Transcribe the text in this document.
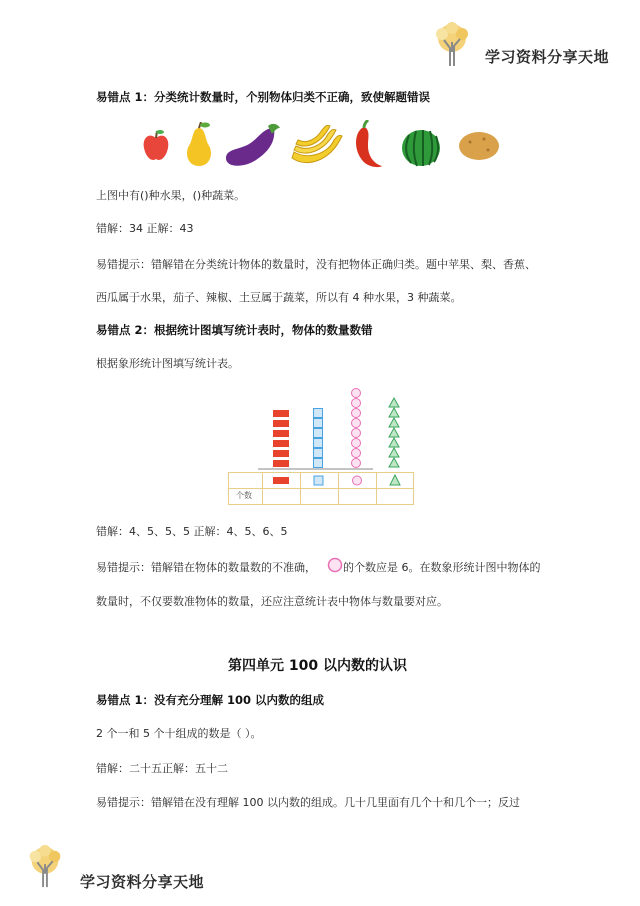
学习资料分享天地
易错点 1：分类统计数量时，个别物体归类不正确，致使解题错误
上图中有()种水果，()种蔬菜。
错解：34 正解：43
易错提示：错解错在分类统计物体的数量时，没有把物体正确归类。题中苹果、梨、香蕉、
西瓜属于水果，茄子、辣椒、土豆属于蔬菜，所以有 4 种水果，3 种蔬菜。
易错点 2：根据统计图填写统计表时，物体的数量数错
根据象形统计图填写统计表。
个数
错解：4、5、5、5 正解：4、5、6、5
易错提示：错解错在物体的数量数的不准确， 的个数应是 6。在数象形统计图中物体的
数量时，不仅要数准物体的数量，还应注意统计表中物体与数量要对应。
第四单元 100 以内数的认识
易错点 1：没有充分理解 100 以内数的组成
2 个一和 5 个十组成的数是（ ）。
错解：二十五正解：五十二
易错提示：错解错在没有理解 100 以内数的组成。几十几里面有几个十和几个一；反过
学习资料分享天地
